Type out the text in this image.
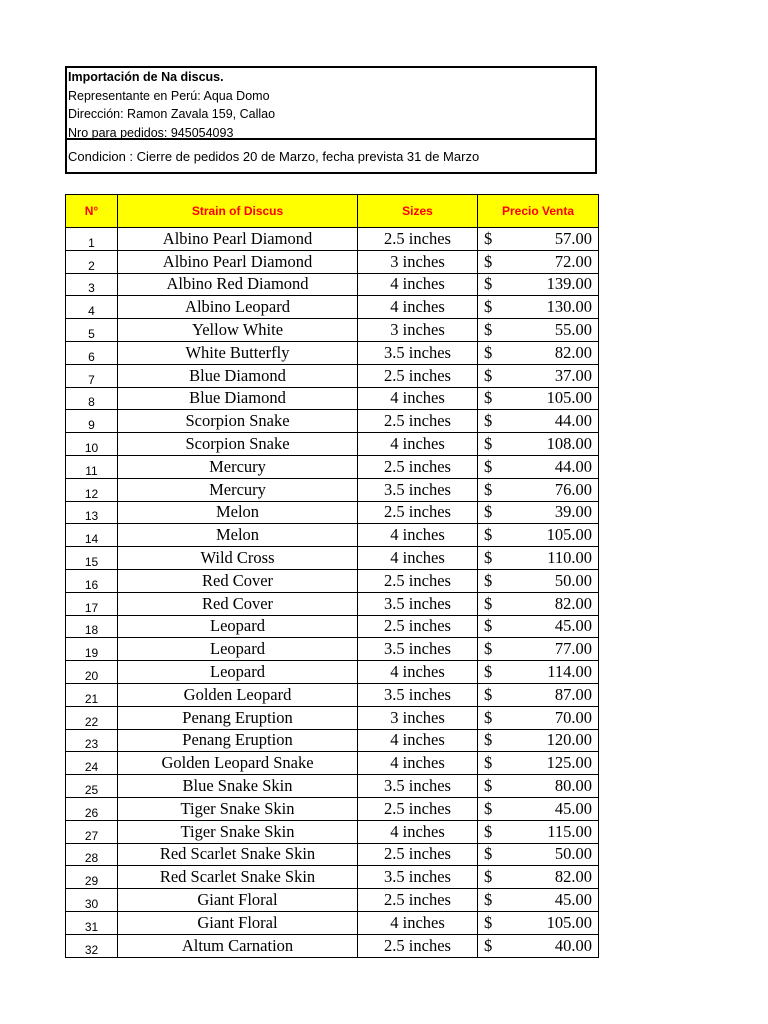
Importación de Na discus.
Representante en Perú: Aqua Domo
Dirección: Ramon Zavala 159, Callao
Nro para pedidos: 945054093
Condicion : Cierre de pedidos 20 de Marzo, fecha prevista 31 de Marzo
N°	Strain of Discus	Sizes	Precio Venta
1	Albino Pearl Diamond	2.5 inches	$ 57.00

2	Albino Pearl Diamond	3 inches	$ 72.00

3	Albino Red Diamond	4 inches	$ 139.00

4	Albino Leopard	4 inches	$ 130.00

5	Yellow White	3 inches	$ 55.00

6	White Butterfly	3.5 inches	$ 82.00

7	Blue Diamond	2.5 inches	$ 37.00

8	Blue Diamond	4 inches	$ 105.00

9	Scorpion Snake	2.5 inches	$ 44.00

10	Scorpion Snake	4 inches	$ 108.00

11	Mercury	2.5 inches	$ 44.00

12	Mercury	3.5 inches	$ 76.00

13	Melon	2.5 inches	$ 39.00

14	Melon	4 inches	$ 105.00

15	Wild Cross	4 inches	$ 110.00

16	Red Cover	2.5 inches	$ 50.00

17	Red Cover	3.5 inches	$ 82.00

18	Leopard	2.5 inches	$ 45.00

19	Leopard	3.5 inches	$ 77.00

20	Leopard	4 inches	$ 114.00

21	Golden Leopard	3.5 inches	$ 87.00

22	Penang Eruption	3 inches	$ 70.00

23	Penang Eruption	4 inches	$ 120.00

24	Golden Leopard Snake	4 inches	$ 125.00

25	Blue Snake Skin	3.5 inches	$ 80.00

26	Tiger Snake Skin	2.5 inches	$ 45.00

27	Tiger Snake Skin	4 inches	$ 115.00

28	Red Scarlet Snake Skin	2.5 inches	$ 50.00

29	Red Scarlet Snake Skin	3.5 inches	$ 82.00

30	Giant Floral	2.5 inches	$ 45.00

31	Giant Floral	4 inches	$ 105.00

32	Altum Carnation	2.5 inches	$ 40.00
